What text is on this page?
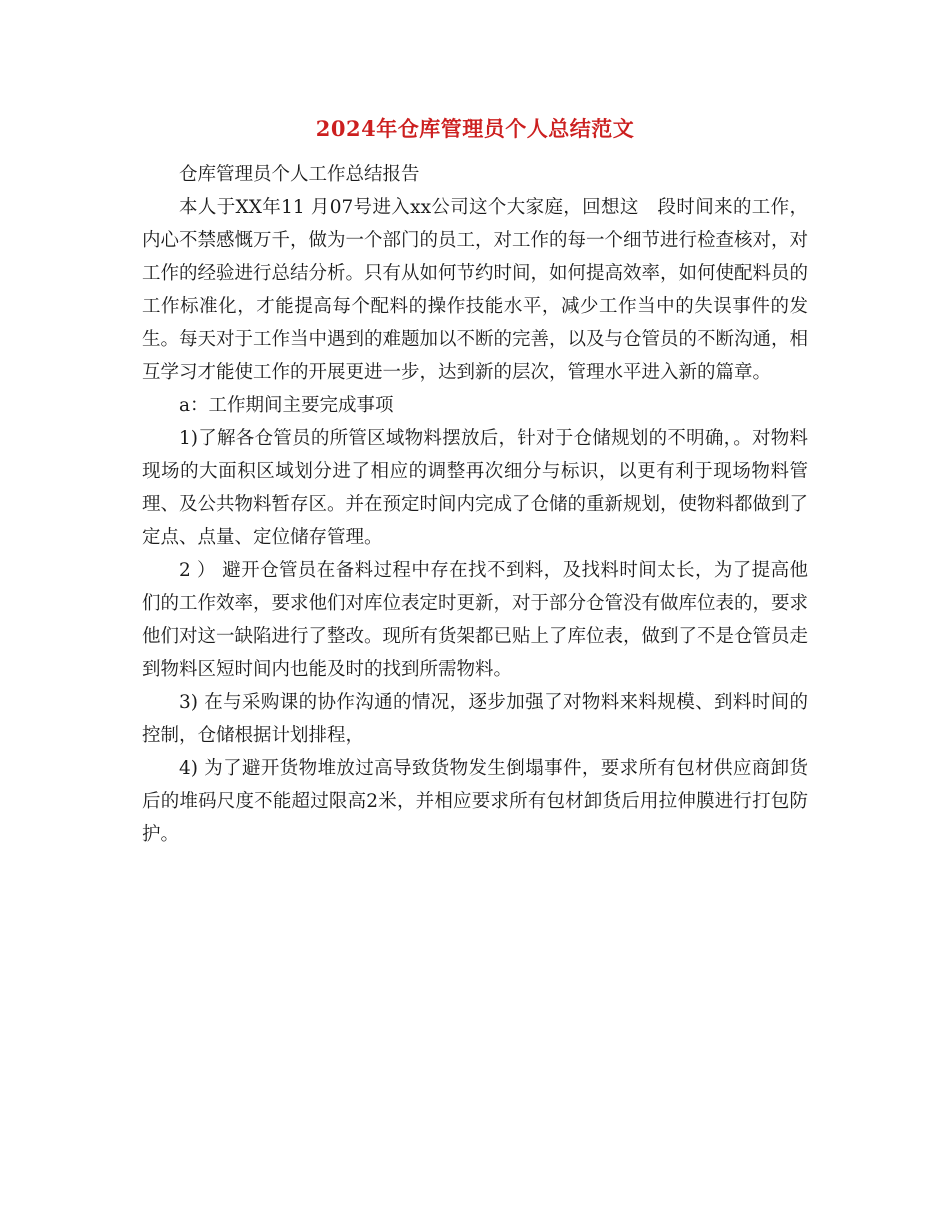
2024年仓库管理员个人总结范文

仓库管理员个人工作总结报告

本人于XX年11 月07号进入xx公司这个大家庭，回想这　段时间来的工作，内心不禁感慨万千，做为一个部门的员工，对工作的每一个细节进行检查核对，对工作的经验进行总结分析。只有从如何节约时间，如何提高效率，如何使配料员的工作标准化，才能提高每个配料的操作技能水平，减少工作当中的失误事件的发生。每天对于工作当中遇到的难题加以不断的完善，以及与仓管员的不断沟通，相互学习才能使工作的开展更进一步，达到新的层次，管理水平进入新的篇章。

a：工作期间主要完成事项

1)了解各仓管员的所管区域物料摆放后，针对于仓储规划的不明确，。对物料现场的大面积区域划分进了相应的调整再次细分与标识，以更有利于现场物料管理、及公共物料暂存区。并在预定时间内完成了仓储的重新规划，使物料都做到了定点、点量、定位储存管理。

2 ） 避开仓管员在备料过程中存在找不到料，及找料时间太长，为了提高他们的工作效率，要求他们对库位表定时更新，对于部分仓管没有做库位表的，要求他们对这一缺陷进行了整改。现所有货架都已贴上了库位表，做到了不是仓管员走到物料区短时间内也能及时的找到所需物料。

3) 在与采购课的协作沟通的情况，逐步加强了对物料来料规模、到料时间的控制，仓储根据计划排程，

4) 为了避开货物堆放过高导致货物发生倒塌事件，要求所有包材供应商卸货后的堆码尺度不能超过限高2米，并相应要求所有包材卸货后用拉伸膜进行打包防护。
